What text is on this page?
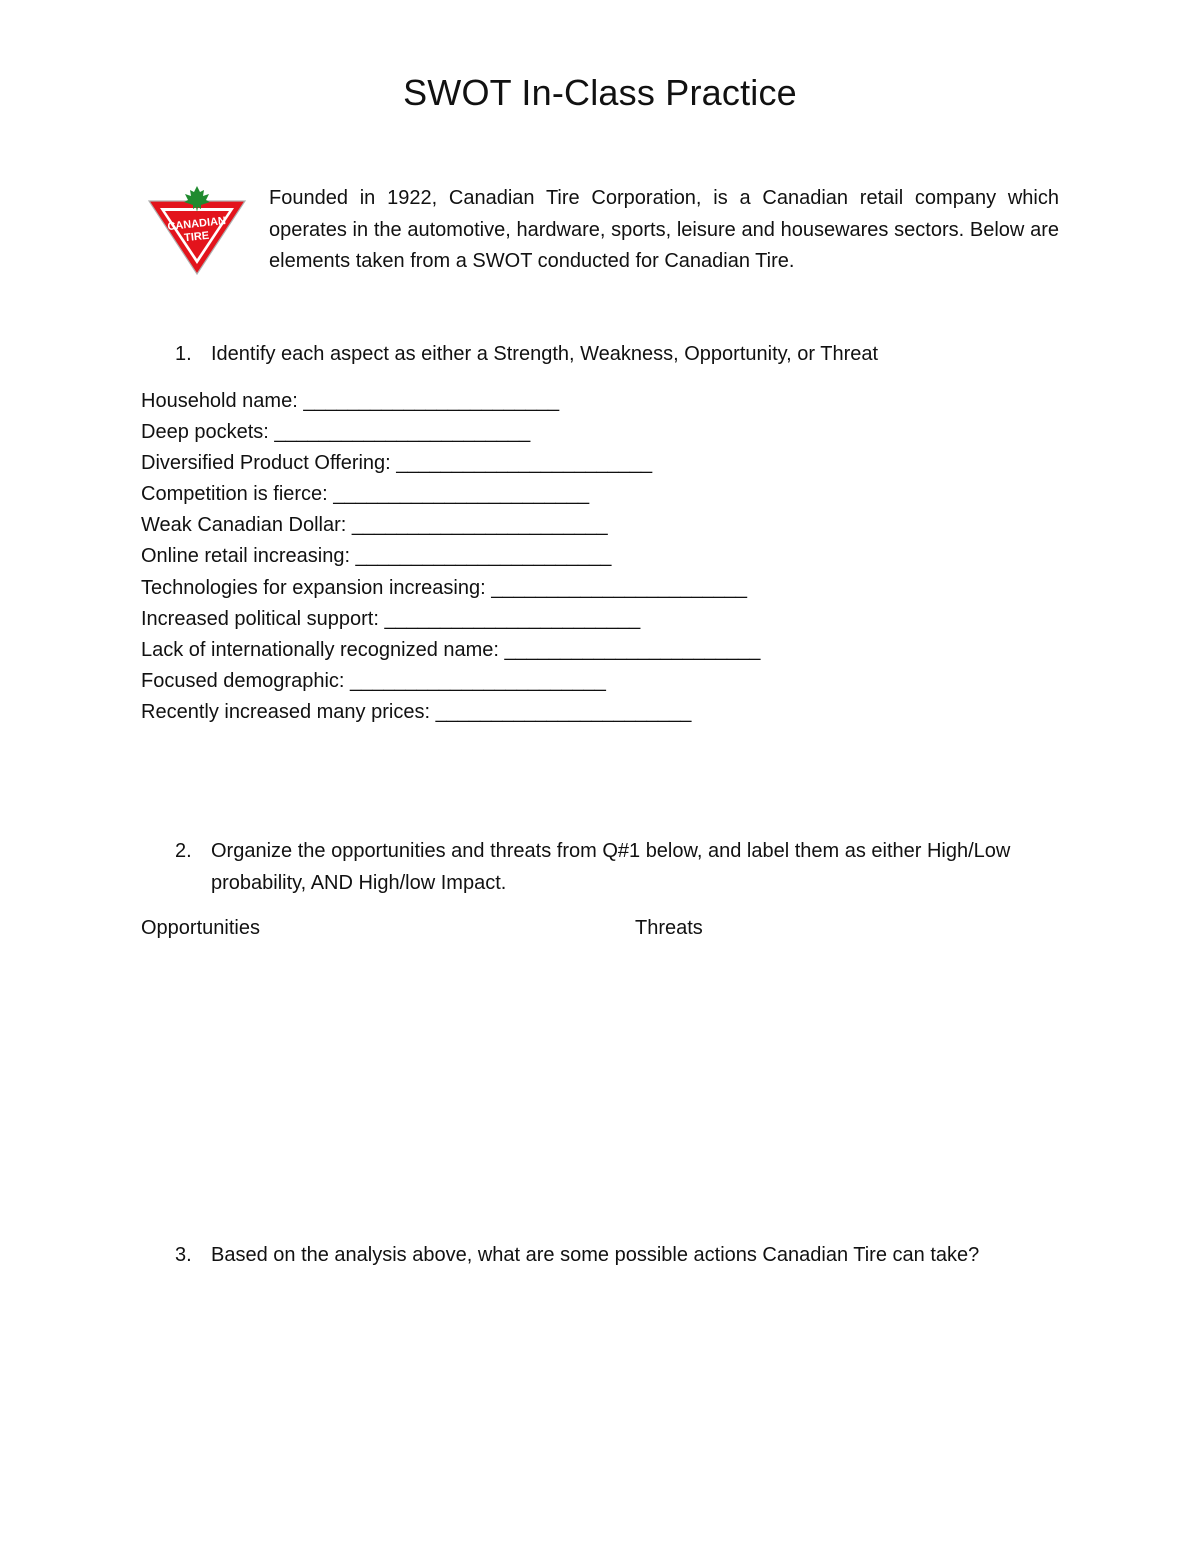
SWOT In-Class Practice
CANADIAN
TIRE

Founded in 1922, Canadian Tire Corporation, is a Canadian retail company which operates in the automotive, hardware, sports, leisure and housewares sectors. Below are elements taken from a SWOT conducted for Canadian Tire.

1. Identify each aspect as either a Strength, Weakness, Opportunity, or Threat
Household name: _______________________
Deep pockets: _______________________
Diversified Product Offering: _______________________
Competition is fierce: _______________________
Weak Canadian Dollar: _______________________
Online retail increasing: _______________________
Technologies for expansion increasing: _______________________
Increased political support: _______________________
Lack of internationally recognized name: _______________________
Focused demographic: _______________________
Recently increased many prices: _______________________
2. Organize the opportunities and threats from Q#1 below, and label them as either High/Low probability, AND High/low Impact.

Opportunities	Threats

3. Based on the analysis above, what are some possible actions Canadian Tire can take?
